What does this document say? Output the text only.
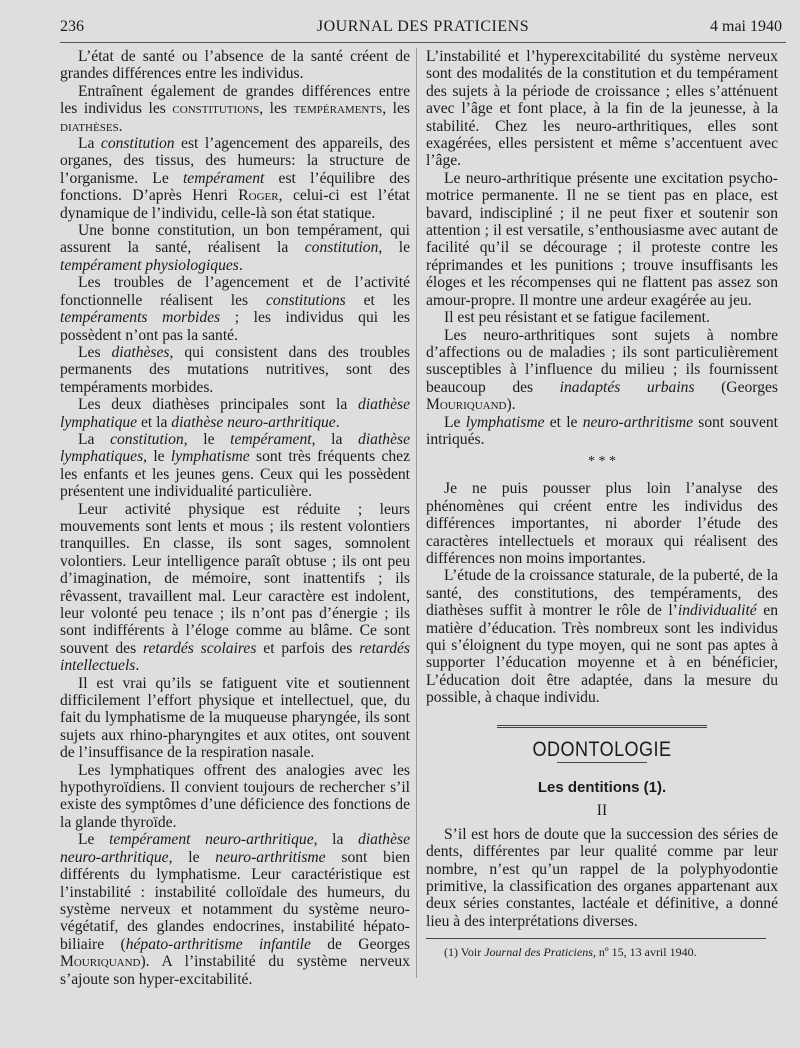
236	JOURNAL DES PRATICIENS	4 mai 1940

L’état de santé ou l’absence de la santé créent de grandes différences entre les individus.

Entraînent également de grandes différences entre les individus les constitutions, les tempéraments, les diathèses.

La constitution est l’agencement des appareils, des organes, des tissus, des humeurs: la structure de l’organisme. Le tempérament est l’équilibre des fonctions. D’après Henri Roger, celui-ci est l’état dynamique de l’individu, celle-là son état statique.

Une bonne constitution, un bon tempérament, qui assurent la santé, réalisent la constitution, le tempérament physiologiques.

Les troubles de l’agencement et de l’activité fonctionnelle réalisent les constitutions et les tempéraments morbides ; les individus qui les possèdent n’ont pas la santé.

Les diathèses, qui consistent dans des troubles permanents des mutations nutritives, sont des tempéraments morbides.

Les deux diathèses principales sont la diathèse lymphatique et la diathèse neuro-arthritique.

La constitution, le tempérament, la diathèse lymphatiques, le lymphatisme sont très fréquents chez les enfants et les jeunes gens. Ceux qui les possèdent présentent une individualité particulière.

Leur activité physique est réduite ; leurs mouvements sont lents et mous ; ils restent volontiers tranquilles. En classe, ils sont sages, somnolent volontiers. Leur intelligence paraît obtuse ; ils ont peu d’imagination, de mémoire, sont inattentifs ; ils rêvassent, travaillent mal. Leur caractère est indolent, leur volonté peu tenace ; ils n’ont pas d’énergie ; ils sont indifférents à l’éloge comme au blâme. Ce sont souvent des retardés scolaires et parfois des retardés intellectuels.

Il est vrai qu’ils se fatiguent vite et soutiennent difficilement l’effort physique et intellectuel, que, du fait du lymphatisme de la muqueuse pharyngée, ils sont sujets aux rhino-pharyngites et aux otites, ont souvent de l’insuffisance de la respiration nasale.

Les lymphatiques offrent des analogies avec les hypothyroïdiens. Il convient toujours de rechercher s’il existe des symptômes d’une déficience des fonctions de la glande thyroïde.

Le tempérament neuro-arthritique, la diathèse neuro-arthritique, le neuro-arthritisme sont bien différents du lymphatisme. Leur caractéristique est l’instabilité : instabilité colloïdale des humeurs, du système nerveux et notamment du système neuro-végétatif, des glandes endocrines, instabilité hépato-biliaire (hépato-arthritisme infantile de Georges Mouriquand). A l’instabilité du système nerveux s’ajoute son hyper-excitabilité.

L’instabilité et l’hyperexcitabilité du système nerveux sont des modalités de la constitution et du tempérament des sujets à la période de croissance ; elles s’atténuent avec l’âge et font place, à la fin de la jeunesse, à la stabilité. Chez les neuro-arthritiques, elles sont exagérées, elles persistent et même s’accentuent avec l’âge.

Le neuro-arthritique présente une excitation psycho-motrice permanente. Il ne se tient pas en place, est bavard, indiscipliné ; il ne peut fixer et soutenir son attention ; il est versatile, s’enthousiasme avec autant de facilité qu’il se décourage ; il proteste contre les réprimandes et les punitions ; trouve insuffisants les éloges et les récompenses qui ne flattent pas assez son amour-propre. Il montre une ardeur exagérée au jeu.

Il est peu résistant et se fatigue facilement.

Les neuro-arthritiques sont sujets à nombre d’affections ou de maladies ; ils sont particulièrement susceptibles à l’influence du milieu ; ils fournissent beaucoup des inadaptés urbains (Georges Mouriquand).

Le lymphatisme et le neuro-arthritisme sont souvent intriqués.

* * *

Je ne puis pousser plus loin l’analyse des phénomènes qui créent entre les individus des différences importantes, ni aborder l’étude des caractères intellectuels et moraux qui réalisent des différences non moins importantes.

L’étude de la croissance staturale, de la puberté, de la santé, des constitutions, des tempéraments, des diathèses suffit à montrer le rôle de l’individualité en matière d’éducation. Très nombreux sont les individus qui s’éloignent du type moyen, qui ne sont pas aptes à supporter l’éducation moyenne et à en bénéficier, L’éducation doit être adaptée, dans la mesure du possible, à chaque individu.

ODONTOLOGIE
Les dentitions (1).
II

S’il est hors de doute que la succession des séries de dents, différentes par leur qualité comme par leur nombre, n’est qu’un rappel de la polyphyodontie primitive, la classification des organes appartenant aux deux séries constantes, lactéale et définitive, a donné lieu à des interprétations diverses.

(1) Voir Journal des Praticiens, nº 15, 13 avril 1940.
